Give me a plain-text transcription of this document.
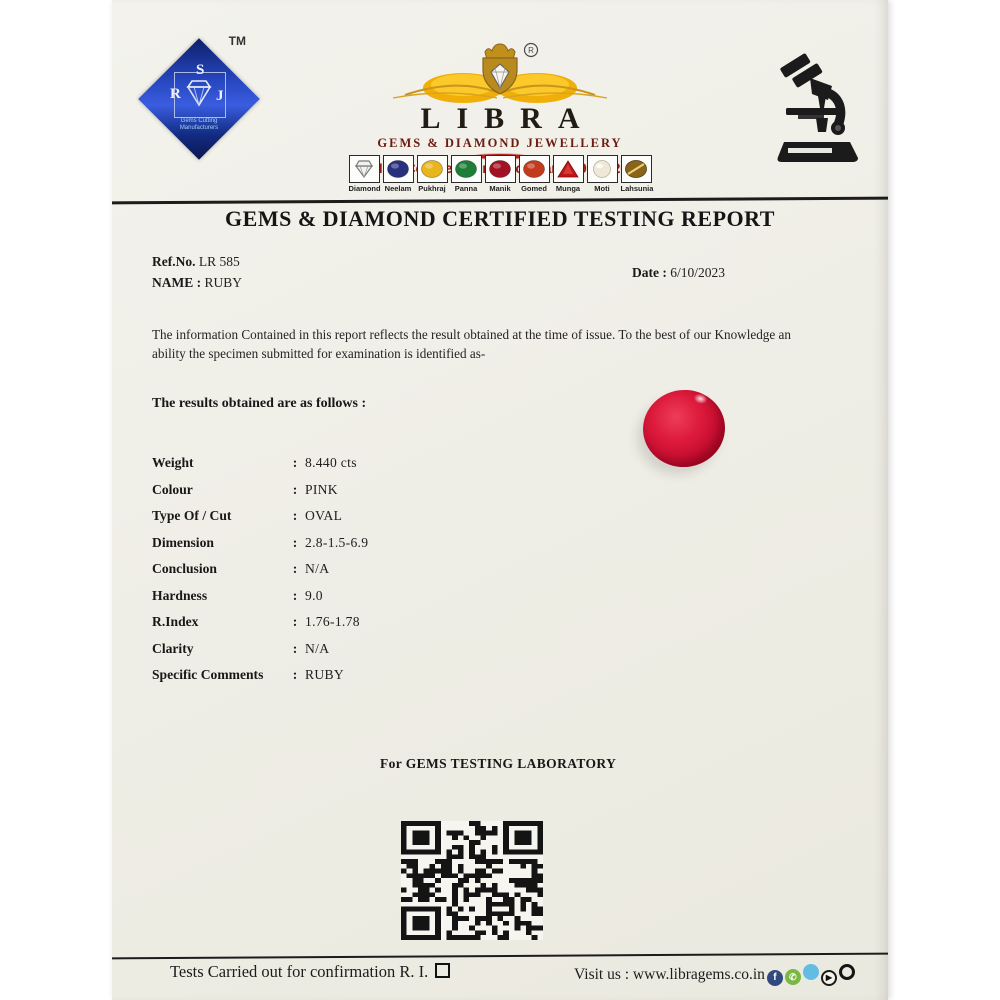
S
R J
Gems Cutting
Manufacturers
TM
R
LIBRA
GEMS & DIAMOND JEWELLERY
Gems
Diamond Neelam Pukhraj	Panna	Manik	Gomed	Munga	Moti	Lahsunia
GEMS & DIAMOND CERTIFIED TESTING REPORT
Ref.No. LR 585
NAME : RUBY
Date : 6/10/2023

The information Contained in this report reflects the result obtained at the time of issue. To the best of our Knowledge an ability the specimen submitted for examination is identified as-

The results obtained are as follows :
Weight	: 8.440 cts
Colour	: PINK
Type Of / Cut	: OVAL
Dimension	: 2.8-1.5-6.9
Conclusion	: N/A
Hardness	: 9.0
R.Index	: 1.76-1.78
Clarity	: N/A
Specific Comments	: RUBY
For GEMS TESTING LABORATORY
Tests Carried out for confirmation R. I.	Visit us : www.libragems.co.in f ✆	▶
